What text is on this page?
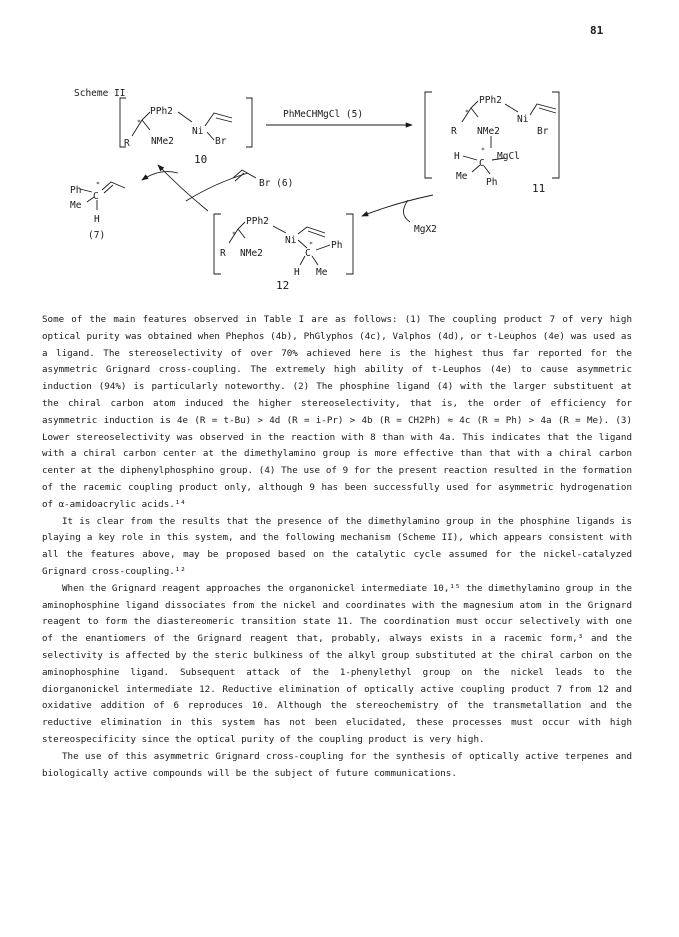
81
Scheme II
PPh2
Ni
R
*
NMe2	Br
10
PhMeCHMgCl (5)
PPh2
Ni
R
*
NMe2	Br
H
*
C
MgCl
Me
Ph	11
MgX2
PPh2
Ni
R
*
NMe2
*
C
Ph
H Me
12
Br (6)
Ph
*
C
Me
H
(7)

Some of the main features observed in Table I are as follows: (1) The coupling product 7 of very high optical purity was obtained when Phephos (4b), PhGlyphos (4c), Valphos (4d), or t-Leuphos (4e) was used as a ligand. The stereoselectivity of over 70% achieved here is the highest thus far reported for the asymmetric Grignard cross-coupling. The extremely high ability of t-Leuphos (4e) to cause asymmetric induction (94%) is particularly noteworthy. (2) The phosphine ligand (4) with the larger substituent at the chiral carbon atom induced the higher stereoselectivity, that is, the order of efficiency for asymmetric induction is 4e (R = t-Bu) > 4d (R = i-Pr) > 4b (R = CH2Ph) ≈ 4c (R = Ph) > 4a (R = Me). (3) Lower stereoselectivity was observed in the reaction with 8 than with 4a. This indicates that the ligand with a chiral carbon center at the dimethylamino group is more effective than that with a chiral carbon center at the diphenylphosphino group. (4) The use of 9 for the present reaction resulted in the formation of the racemic coupling product only, although 9 has been successfully used for asymmetric hydrogenation of α-amidoacrylic acids.¹⁴

It is clear from the results that the presence of the dimethylamino group in the phosphine ligands is playing a key role in this system, and the following mechanism (Scheme II), which appears consistent with all the features above, may be proposed based on the catalytic cycle assumed for the nickel-catalyzed Grignard cross-coupling.¹²

When the Grignard reagent approaches the organonickel intermediate 10,¹⁵ the dimethylamino group in the aminophosphine ligand dissociates from the nickel and coordinates with the magnesium atom in the Grignard reagent to form the diastereomeric transition state 11. The coordination must occur selectively with one of the enantiomers of the Grignard reagent that, probably, always exists in a racemic form,³ and the selectivity is affected by the steric bulkiness of the alkyl group substituted at the chiral carbon on the aminophosphine ligand. Subsequent attack of the 1-phenylethyl group on the nickel leads to the diorganonickel intermediate 12. Reductive elimination of optically active coupling product 7 from 12 and oxidative addition of 6 reproduces 10. Although the stereochemistry of the transmetallation and the reductive elimination in this system has not been elucidated, these processes must occur with high stereospecificity since the optical purity of the coupling product is very high.

The use of this asymmetric Grignard cross-coupling for the synthesis of optically active terpenes and biologically active compounds will be the subject of future communications.
